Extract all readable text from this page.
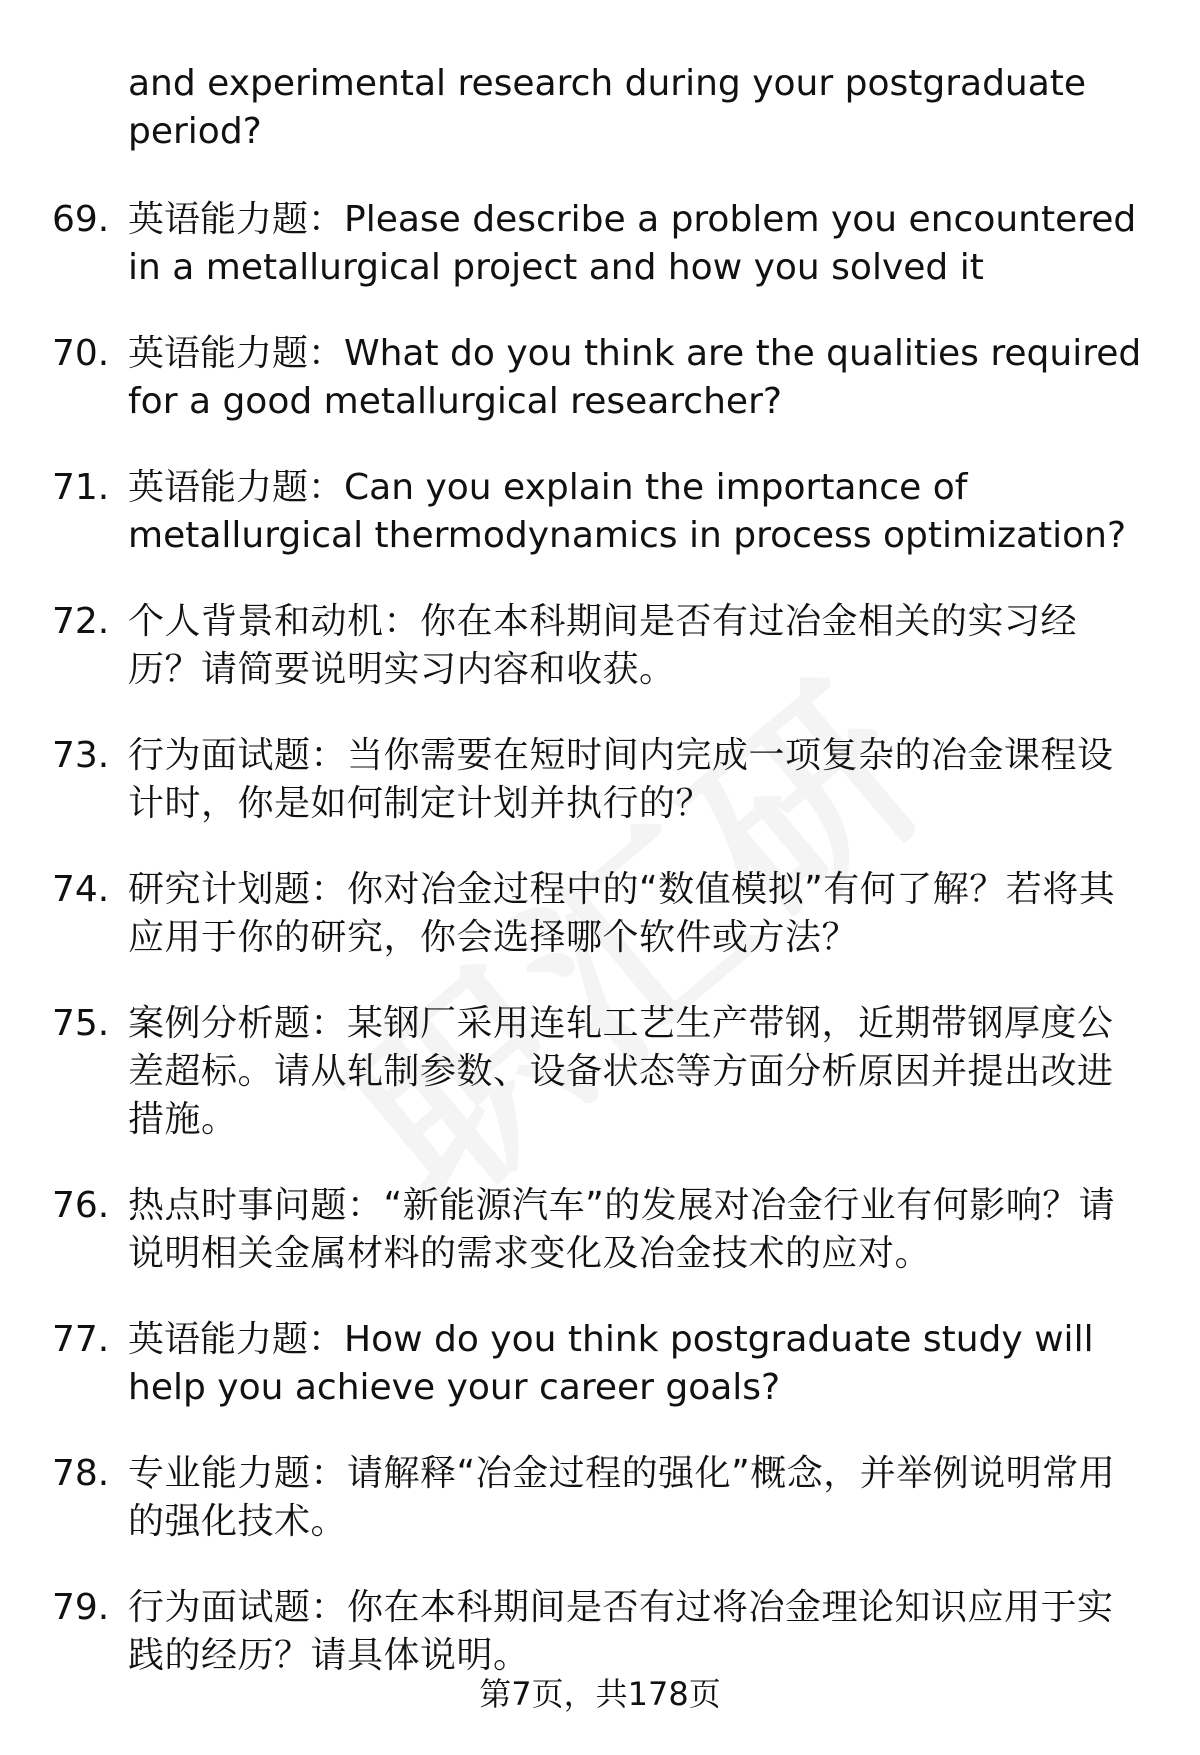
and experimental research during your postgraduate period?
69. 英语能力题：Please describe a problem you encountered in a metallurgical project and how you solved it
70. 英语能力题：What do you think are the qualities required for a good metallurgical researcher?
71. 英语能力题：Can you explain the importance of metallurgical thermodynamics in process optimization?
72. 个人背景和动机：你在本科期间是否有过冶金相关的实习经历？请简要说明实习内容和收获。
73. 行为面试题：当你需要在短时间内完成一项复杂的冶金课程设计时，你是如何制定计划并执行的？
74. 研究计划题：你对冶金过程中的“数值模拟”有何了解？若将其应用于你的研究，你会选择哪个软件或方法？
75. 案例分析题：某钢厂采用连轧工艺生产带钢，近期带钢厚度公差超标。请从轧制参数、设备状态等方面分析原因并提出改进措施。
76. 热点时事问题：“新能源汽车”的发展对冶金行业有何影响？请说明相关金属材料的需求变化及冶金技术的应对。
77. 英语能力题：How do you think postgraduate study will help you achieve your career goals?
78. 专业能力题：请解释“冶金过程的强化”概念，并举例说明常用的强化技术。
79. 行为面试题：你在本科期间是否有过将冶金理论知识应用于实践的经历？请具体说明。
第7页，共178页
